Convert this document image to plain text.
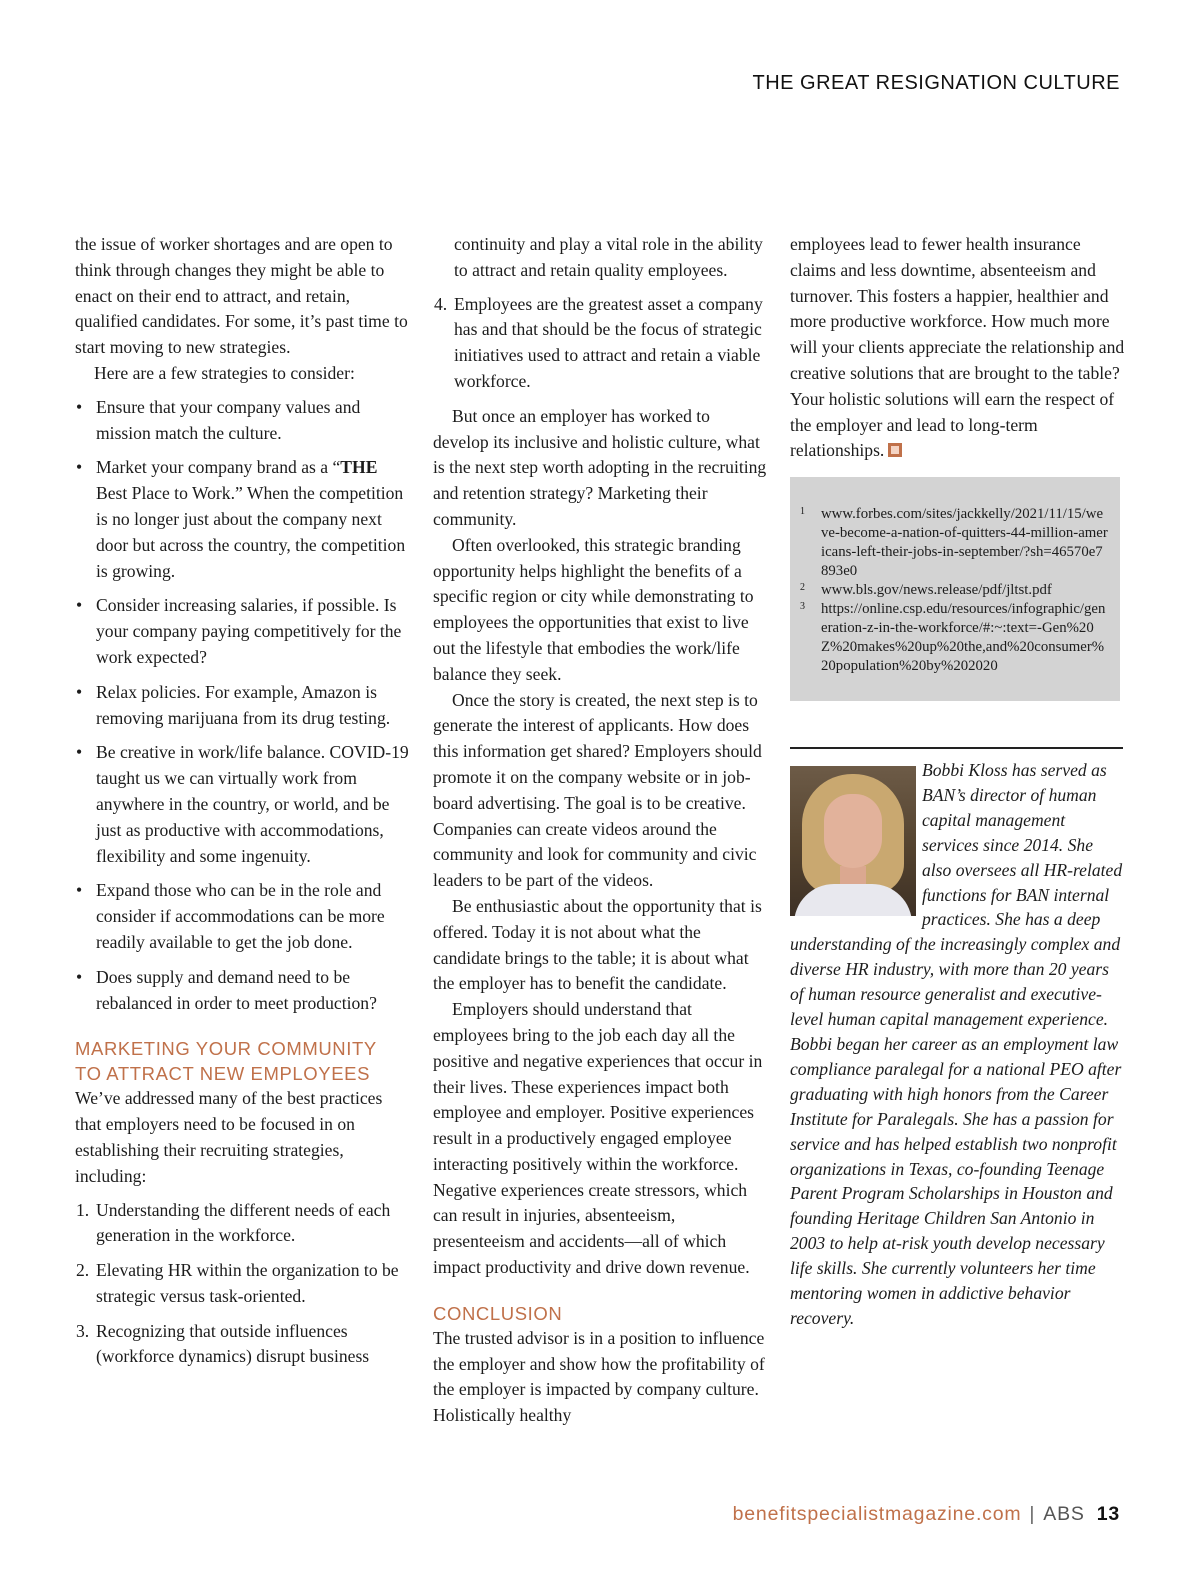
THE GREAT RESIGNATION CULTURE

the issue of worker shortages and are open to think through changes they might be able to enact on their end to attract, and retain, qualified candidates. For some, it’s past time to start moving to new strategies.

Here are a few strategies to consider:

• Ensure that your company values and mission match the culture.
• Market your company brand as a “THE Best Place to Work.” When the competition is no longer just about the company next door but across the country, the competition is growing.
• Consider increasing salaries, if possible. Is your company paying competitively for the work expected?
• Relax policies. For example, Amazon is removing marijuana from its drug testing.
• Be creative in work/life balance. COVID-19 taught us we can virtually work from anywhere in the country, or world, and be just as productive with accommodations, flexibility and some ingenuity.
• Expand those who can be in the role and consider if accommodations can be more readily available to get the job done.
• Does supply and demand need to be rebalanced in order to meet production?
MARKETING YOUR COMMUNITY
TO ATTRACT NEW EMPLOYEES

We’ve addressed many of the best practices that employers need to be focused in on establishing their recruiting strategies, including:

1. Understanding the different needs of each generation in the workforce.
2. Elevating HR within the organization to be strategic versus task-oriented.
3. Recognizing that outside influences (workforce dynamics) disrupt business

continuity and play a vital role in the ability to attract and retain quality employees.

4. Employees are the greatest asset a company has and that should be the focus of strategic initiatives used to attract and retain a viable workforce.

But once an employer has worked to develop its inclusive and holistic culture, what is the next step worth adopting in the recruiting and retention strategy? Marketing their community.

Often overlooked, this strategic branding opportunity helps highlight the benefits of a specific region or city while demonstrating to employees the opportunities that exist to live out the lifestyle that embodies the work/life balance they seek.

Once the story is created, the next step is to generate the interest of applicants. How does this information get shared? Employers should promote it on the company website or in job-board advertising. The goal is to be creative. Companies can create videos around the community and look for community and civic leaders to be part of the videos.

Be enthusiastic about the opportunity that is offered. Today it is not about what the candidate brings to the table; it is about what the employer has to benefit the candidate.

Employers should understand that employees bring to the job each day all the positive and negative experiences that occur in their lives. These experiences impact both employee and employer. Positive experiences result in a productively engaged employee interacting positively within the workforce. Negative experiences create stressors, which can result in injuries, absenteeism, presenteeism and accidents—all of which impact productivity and drive down revenue.

CONCLUSION

The trusted advisor is in a position to influence the employer and show how the profitability of the employer is impacted by company culture. Holistically healthy

employees lead to fewer health insurance claims and less downtime, absenteeism and turnover. This fosters a happier, healthier and more productive workforce. How much more will your clients appreciate the relationship and creative solutions that are brought to the table? Your holistic solutions will earn the respect of the employer and lead to long-term relationships.

1 www.forbes.com/sites/jackkelly/2021/11/15/weve-become-a-nation-of-quitters-44-million-americans-left-their-jobs-in-september/?sh=46570e7893e0
2 www.bls.gov/news.release/pdf/jltst.pdf
3 https://online.csp.edu/resources/infographic/generation-z-in-the-workforce/#:~:text=-Gen%20Z%20makes%20up%20the,and%20consumer%20population%20by%202020
Bobbi Kloss has served as BAN’s director of human capital management services since 2014. She also oversees all HR-related functions for BAN internal practices. She has a deep understanding of the increasingly complex and diverse HR industry, with more than 20 years of human resource generalist and executive-level human capital management experience. Bobbi began her career as an employment law compliance paralegal for a national PEO after graduating with high honors from the Career Institute for Paralegals. She has a passion for service and has helped establish two nonprofit organizations in Texas, co-founding Teenage Parent Program Scholarships in Houston and founding Heritage Children San Antonio in 2003 to help at-risk youth develop necessary life skills. She currently volunteers her time mentoring women in addictive behavior recovery.
benefitspecialistmagazine.com | ABS 13
